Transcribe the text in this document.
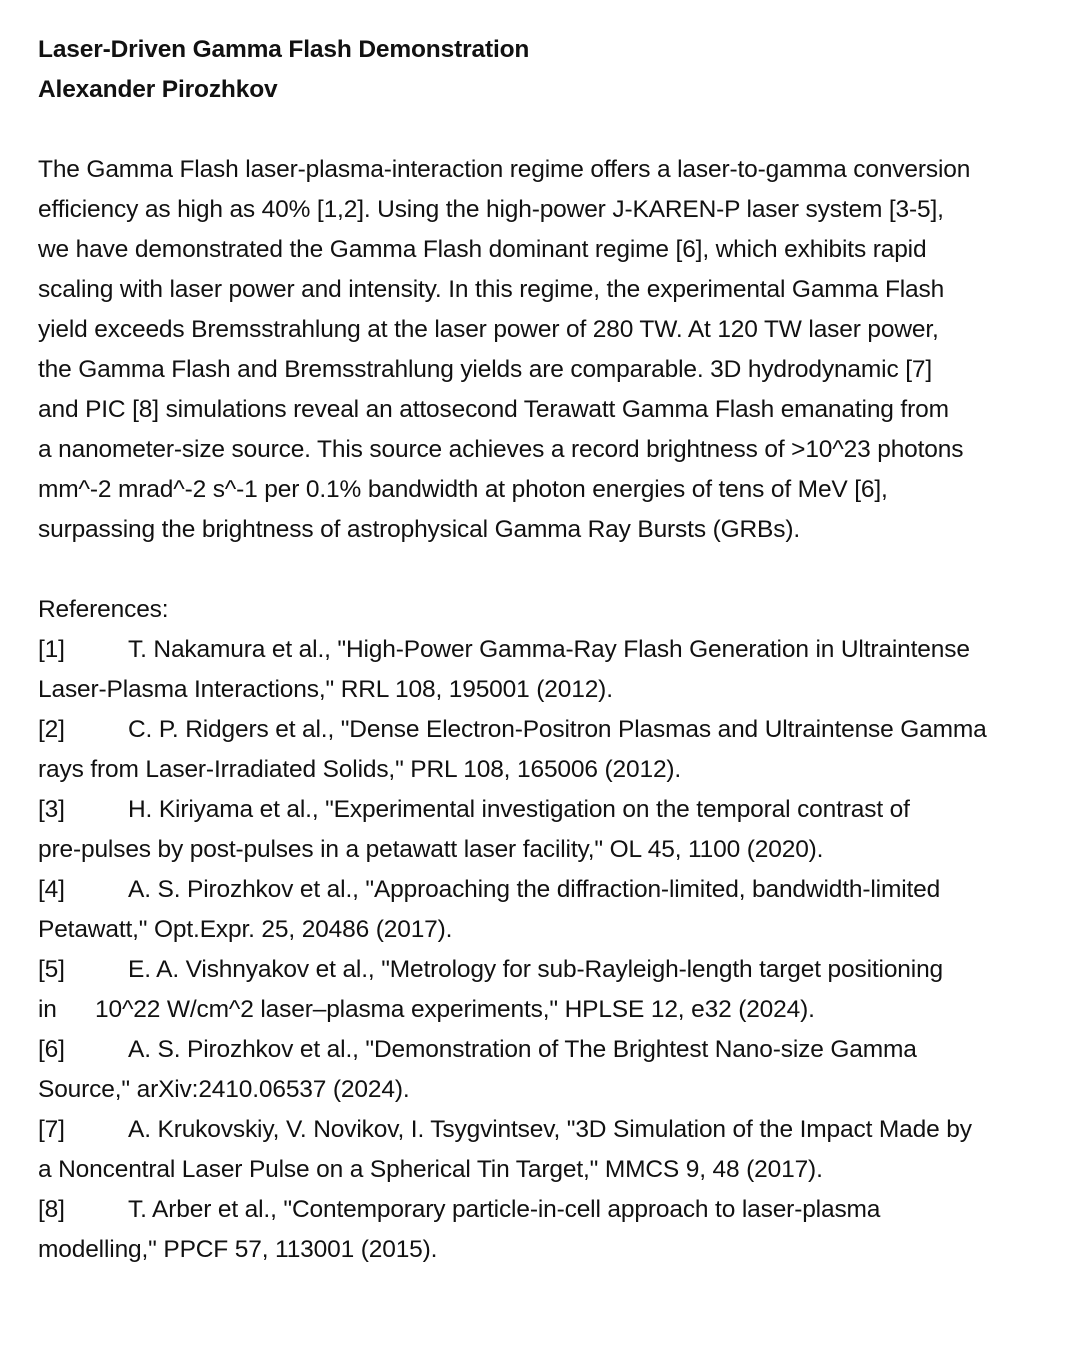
Laser-Driven Gamma Flash Demonstration
Alexander Pirozhkov
The Gamma Flash laser-plasma-interaction regime offers a laser-to-gamma conversion
efficiency as high as 40% [1,2]. Using the high-power J-KAREN-P laser system [3-5],
we have demonstrated the Gamma Flash dominant regime [6], which exhibits rapid
scaling with laser power and intensity. In this regime, the experimental Gamma Flash
yield exceeds Bremsstrahlung at the laser power of 280 TW. At 120 TW laser power,
the Gamma Flash and Bremsstrahlung yields are comparable. 3D hydrodynamic [7]
and PIC [8] simulations reveal an attosecond Terawatt Gamma Flash emanating from
a nanometer-size source. This source achieves a record brightness of >10^23 photons
mm^-2 mrad^-2 s^-1 per 0.1% bandwidth at photon energies of tens of MeV [6],
surpassing the brightness of astrophysical Gamma Ray Bursts (GRBs).
References:
[1]	T. Nakamura et al., "High-Power Gamma-Ray Flash Generation in Ultraintense
Laser-Plasma Interactions," RRL 108, 195001 (2012).
[2]	C. P. Ridgers et al., "Dense Electron-Positron Plasmas and Ultraintense Gamma
rays from Laser-Irradiated Solids," PRL 108, 165006 (2012).
[3]	H. Kiriyama et al., "Experimental investigation on the temporal contrast of
pre-pulses by post-pulses in a petawatt laser facility," OL 45, 1100 (2020).
[4]	A. S. Pirozhkov et al., "Approaching the diffraction-limited, bandwidth-limited
Petawatt," Opt.Expr. 25, 20486 (2017).
[5]	E. A. Vishnyakov et al., "Metrology for sub-Rayleigh-length target positioning
in	10^22 W/cm^2 laser–plasma experiments," HPLSE 12, e32 (2024).
[6]	A. S. Pirozhkov et al., "Demonstration of The Brightest Nano-size Gamma
Source," arXiv:2410.06537 (2024).
[7]	A. Krukovskiy, V. Novikov, I. Tsygvintsev, "3D Simulation of the Impact Made by
a Noncentral Laser Pulse on a Spherical Tin Target," MMCS 9, 48 (2017).
[8]	T. Arber et al., "Contemporary particle-in-cell approach to laser-plasma
modelling," PPCF 57, 113001 (2015).
